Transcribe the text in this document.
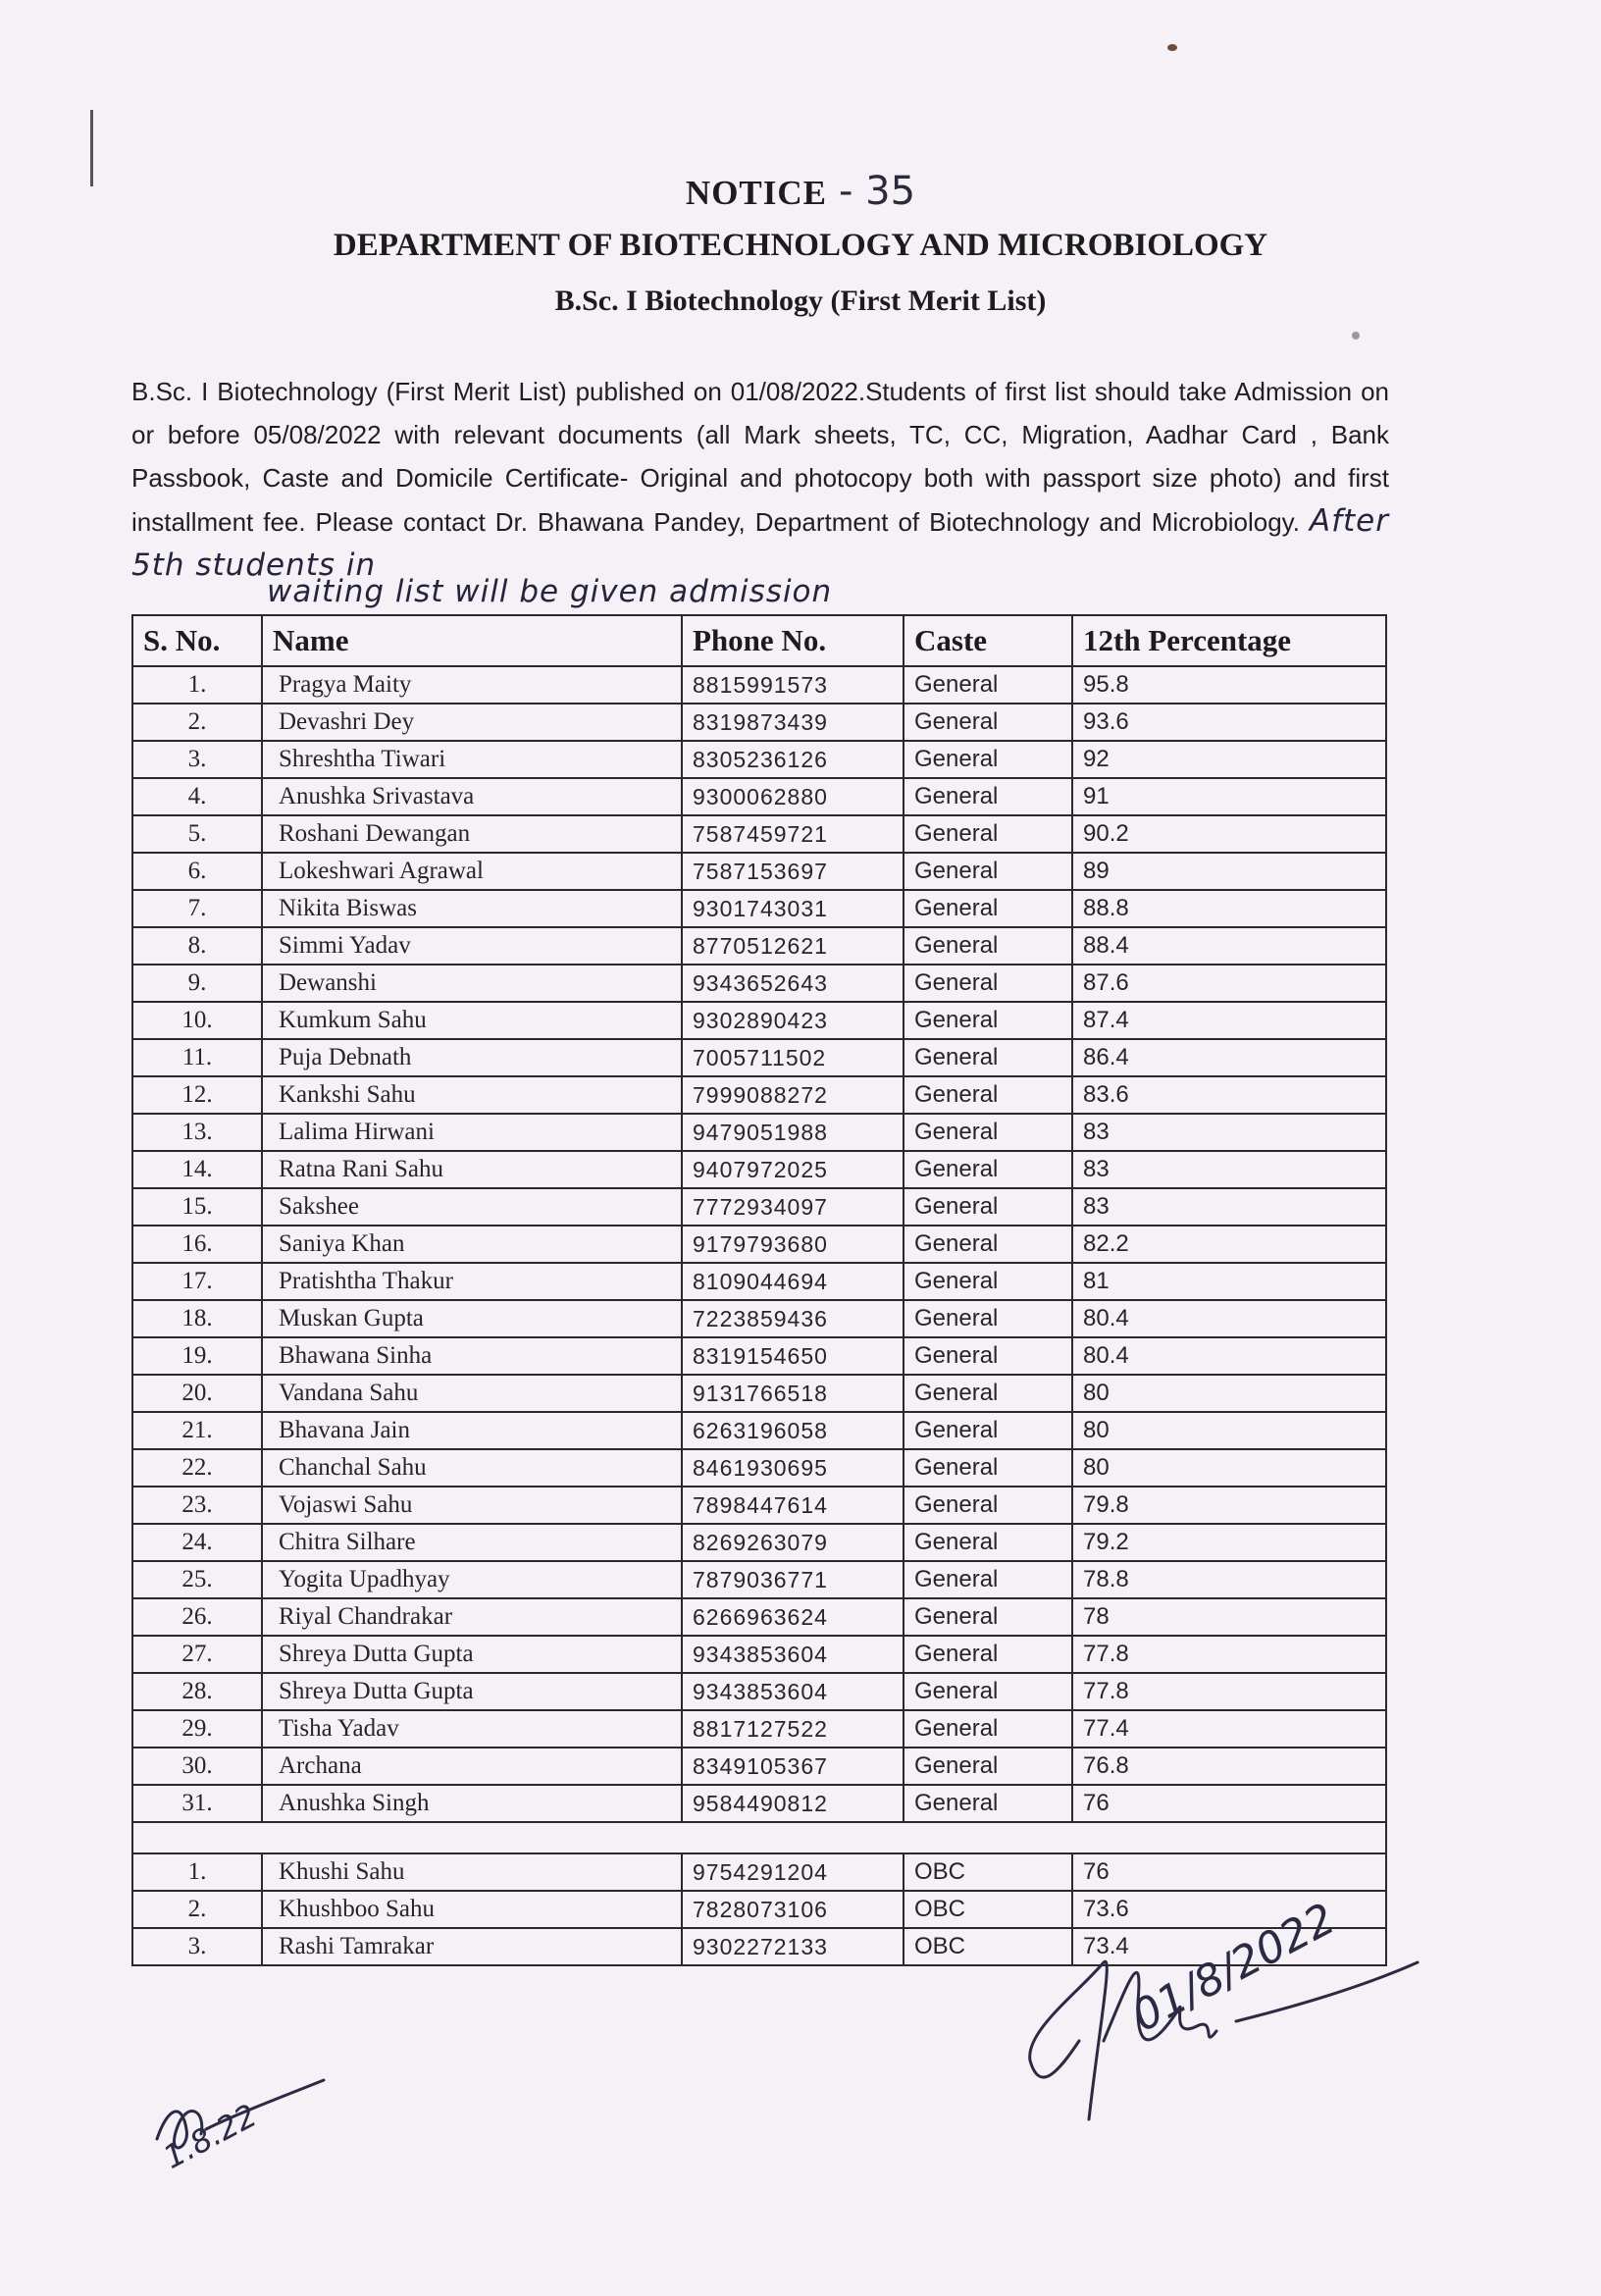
NOTICE - 35
DEPARTMENT OF BIOTECHNOLOGY AND MICROBIOLOGY
B.Sc. I Biotechnology (First Merit List)
B.Sc. I Biotechnology (First Merit List) published on 01/08/2022.Students of first list should take Admission on or before 05/08/2022 with relevant documents (all Mark sheets, TC, CC, Migration, Aadhar Card , Bank Passbook, Caste and Domicile Certificate- Original and photocopy both with passport size photo) and first installment fee. Please contact Dr. Bhawana Pandey, Department of Biotechnology and Microbiology. After 5th students in
waiting list will be given admission
S. No.	Name	Phone No.	Caste	12th Percentage
1.	Pragya Maity	8815991573	General	95.8
2.	Devashri Dey	8319873439	General	93.6
3.	Shreshtha Tiwari	8305236126	General	92
4.	Anushka Srivastava	9300062880	General	91
5.	Roshani Dewangan	7587459721	General	90.2
6.	Lokeshwari Agrawal	7587153697	General	89
7.	Nikita Biswas	9301743031	General	88.8
8.	Simmi Yadav	8770512621	General	88.4
9.	Dewanshi	9343652643	General	87.6
10.	Kumkum Sahu	9302890423	General	87.4
11.	Puja Debnath	7005711502	General	86.4
12.	Kankshi Sahu	7999088272	General	83.6
13.	Lalima Hirwani	9479051988	General	83
14.	Ratna Rani Sahu	9407972025	General	83
15.	Sakshee	7772934097	General	83
16.	Saniya Khan	9179793680	General	82.2
17.	Pratishtha Thakur	8109044694	General	81
18.	Muskan Gupta	7223859436	General	80.4
19.	Bhawana Sinha	8319154650	General	80.4
20.	Vandana Sahu	9131766518	General	80
21.	Bhavana Jain	6263196058	General	80
22.	Chanchal Sahu	8461930695	General	80
23.	Vojaswi Sahu	7898447614	General	79.8
24.	Chitra Silhare	8269263079	General	79.2
25.	Yogita Upadhyay	7879036771	General	78.8
26.	Riyal Chandrakar	6266963624	General	78
27.	Shreya Dutta Gupta	9343853604	General	77.8
28.	Shreya Dutta Gupta	9343853604	General	77.8
29.	Tisha Yadav	8817127522	General	77.4
30.	Archana	8349105367	General	76.8
31.	Anushka Singh	9584490812	General	76

1.	Khushi Sahu	9754291204	OBC	76
2.	Khushboo Sahu	7828073106	OBC	73.6
3.	Rashi Tamrakar	9302272133	OBC	73.4
01/8/2022
1.8.22
